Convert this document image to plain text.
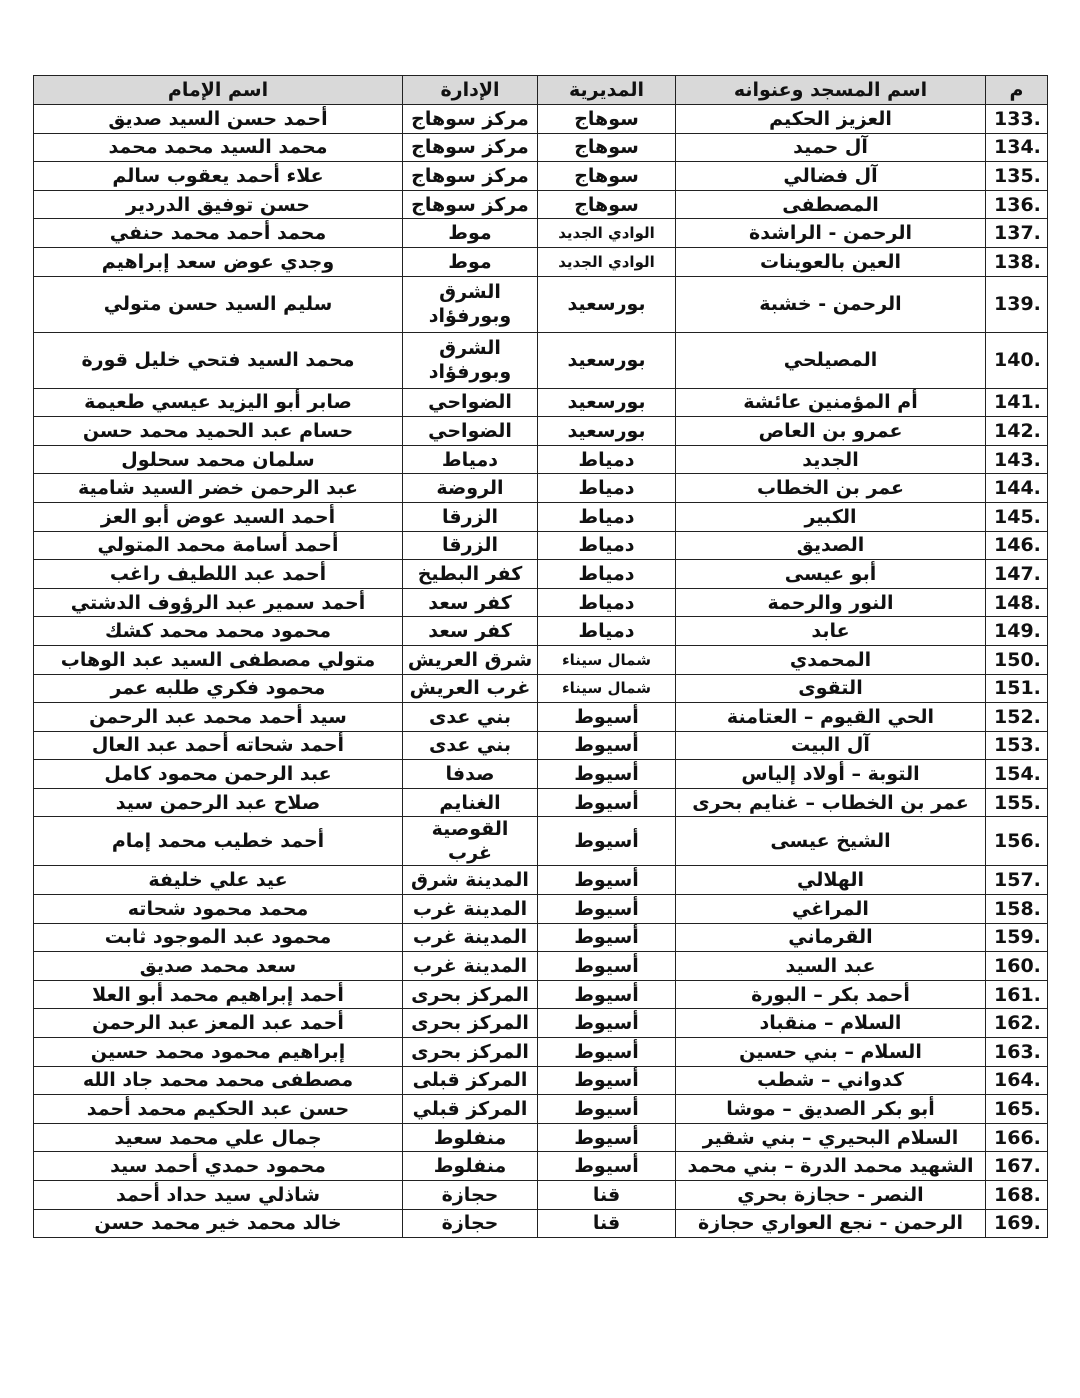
م	اسم المسجد وعنوانه	المديرية	الإدارة	اسم الإمام
133.	العزيز الحكيم	سوهاج	مركز سوهاج	أحمد حسن السيد صديق
134.	آل حميد	سوهاج	مركز سوهاج	محمد السيد محمد محمد
135.	آل فضالي	سوهاج	مركز سوهاج	علاء أحمد يعقوب سالم
136.	المصطفى	سوهاج	مركز سوهاج	حسن توفيق الدردير
137.	الرحمن - الراشدة	الوادي الجديد	موط	محمد أحمد محمد حنفي
138.	العين بالعوينات	الوادي الجديد	موط	وجدي عوض سعد إبراهيم
139.	الرحمن - خشبة	بورسعيد	الشرق وبورفؤاد	سليم السيد حسن متولي
140.	المصيلحي	بورسعيد	الشرق وبورفؤاد	محمد السيد فتحي خليل قورة
141.	أم المؤمنين عائشة	بورسعيد	الضواحي	صابر أبو اليزيد عيسي طعيمة
142.	عمرو بن العاص	بورسعيد	الضواحي	حسام عبد الحميد محمد حسن
143.	الجديد	دمياط	دمياط	سلمان محمد سحلول
144.	عمر بن الخطاب	دمياط	الروضة	عبد الرحمن خضر السيد شامية
145.	الكبير	دمياط	الزرقا	أحمد السيد عوض أبو العز
146.	الصديق	دمياط	الزرقا	أحمد أسامة محمد المتولي
147.	أبو عيسى	دمياط	كفر البطيخ	أحمد عبد اللطيف راغب
148.	النور والرحمة	دمياط	كفر سعد	أحمد سمير عبد الرؤوف الدشتي
149.	عابد	دمياط	كفر سعد	محمود محمد محمد كشك
150.	المحمدي	شمال سيناء	شرق العريش	متولي مصطفى السيد عبد الوهاب
151.	التقوى	شمال سيناء	غرب العريش	محمود فكري طلبه عمر
152.	الحي القيوم – العتامنة	أسيوط	بني عدى	سيد أحمد محمد عبد الرحمن
153.	آل البيت	أسيوط	بني عدى	أحمد شحاته أحمد عبد العال
154.	التوبة – أولاد إلياس	أسيوط	صدفا	عبد الرحمن محمود كامل
155.	عمر بن الخطاب – غنايم بحرى	أسيوط	الغنايم	صلاح عبد الرحمن سيد
156.	الشيخ عيسى	أسيوط	القوصية غرب	أحمد خطيب محمد إمام
157.	الهلالي	أسيوط	المدينة شرق	عيد علي خليفة
158.	المراغي	أسيوط	المدينة غرب	محمد محمود شحاته
159.	القرماني	أسيوط	المدينة غرب	محمود عبد الموجود ثابت
160.	عبد السيد	أسيوط	المدينة غرب	سعد محمد صديق
161.	أحمد بكر – البورة	أسيوط	المركز بحرى	أحمد إبراهيم محمد أبو العلا
162.	السلام – منقباد	أسيوط	المركز بحرى	أحمد عبد المعز عبد الرحمن
163.	السلام – بني حسين	أسيوط	المركز بحرى	إبراهيم محمود محمد حسين
164.	كدواني – شطب	أسيوط	المركز قبلى	مصطفى محمد محمد جاد الله
165.	أبو بكر الصديق – موشا	أسيوط	المركز قبلي	حسن عبد الحكيم محمد أحمد
166.	السلام البحيري – بني شقير	أسيوط	منفلوط	جمال علي محمد سعيد
167.	الشهيد محمد الدرة – بني محمد	أسيوط	منفلوط	محمود حمدي أحمد سيد
168.	النصر - حجازة بحري	قنا	حجازة	شاذلي سيد حداد أحمد
169.	الرحمن - نجع العواري حجازة	قنا	حجازة	خالد محمد خير محمد حسن
